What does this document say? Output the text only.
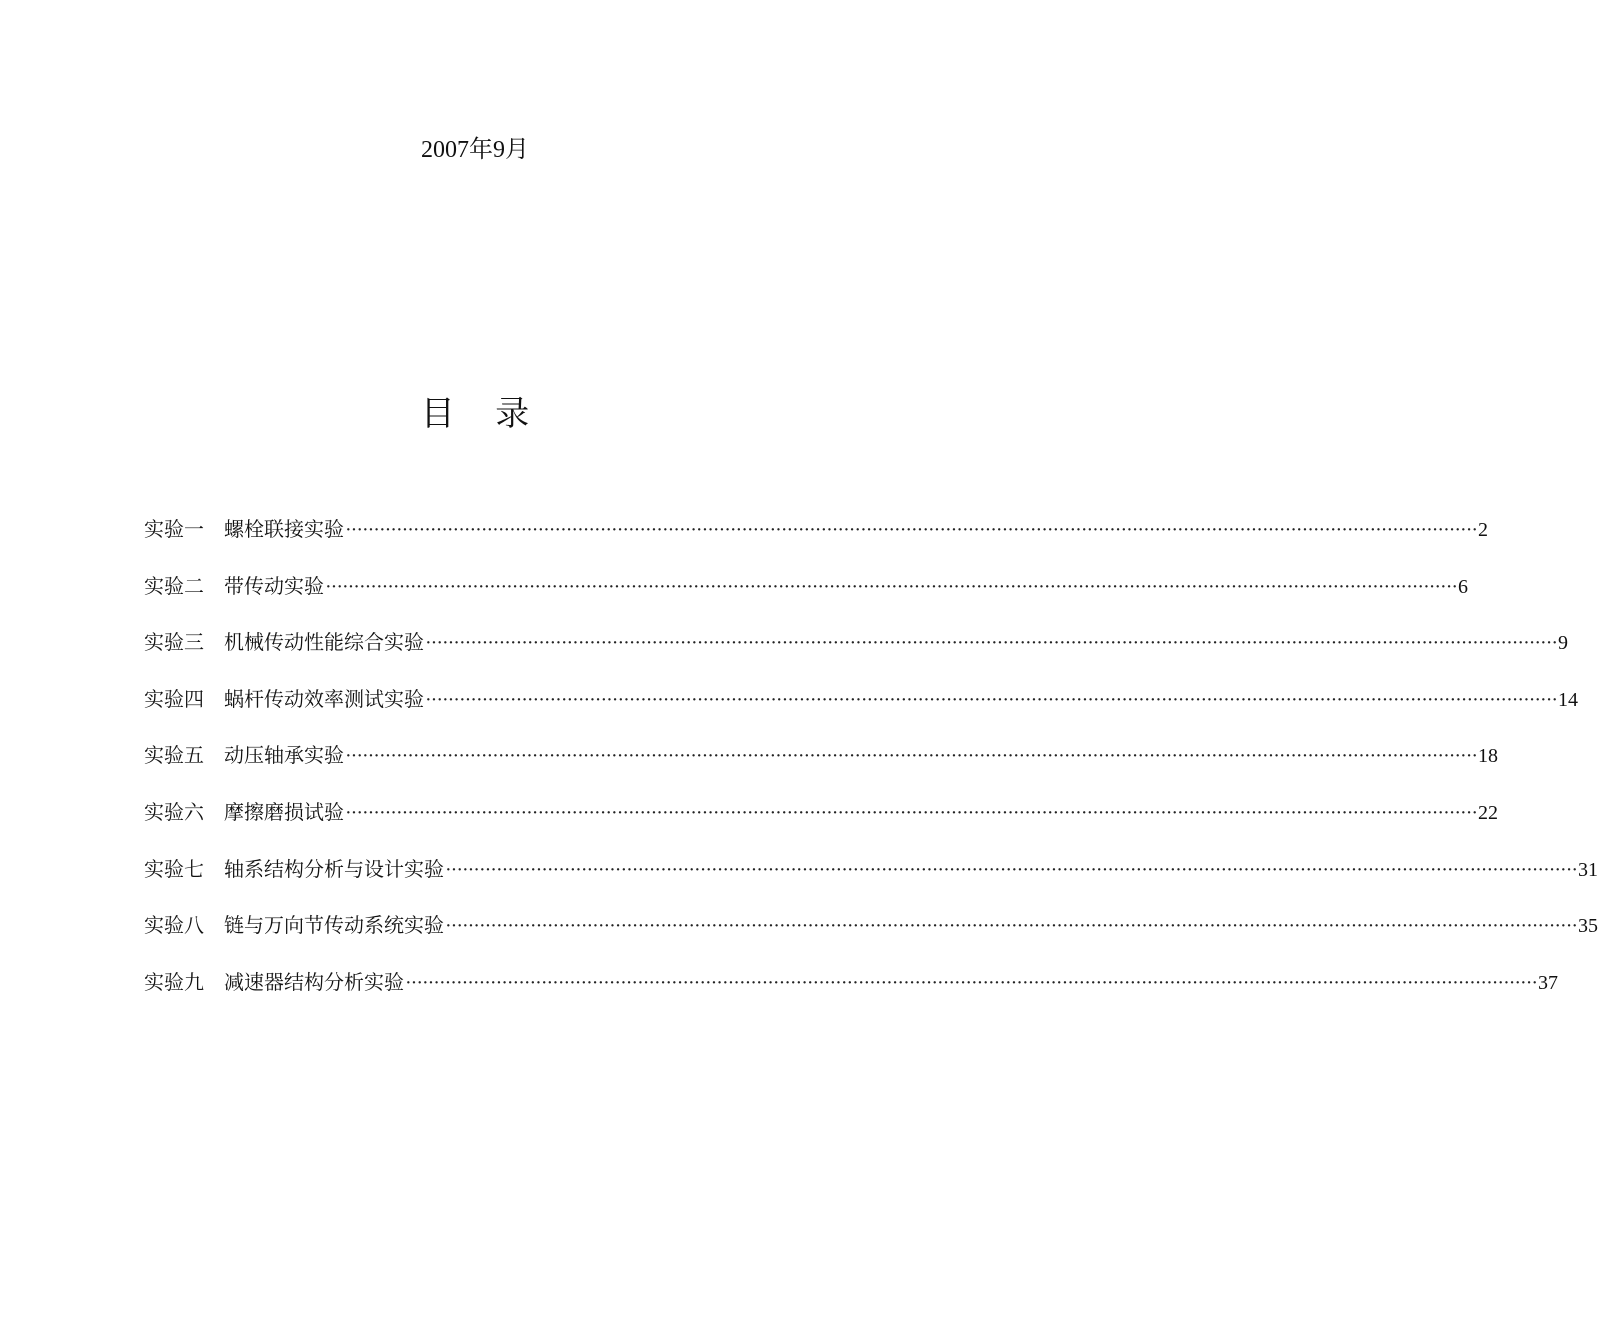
2007年9月
目 录
实验一	螺栓联接实验 ········································································································································································································ 2
实验二	带传动实验 ········································································································································································································ 6
实验三	机械传动性能综合实验 ········································································································································································································ 9
实验四	蜗杆传动效率测试实验 ········································································································································································································ 14
实验五	动压轴承实验 ········································································································································································································ 18
实验六	摩擦磨损试验 ········································································································································································································ 22
实验七	轴系结构分析与设计实验 ········································································································································································································ 31
实验八	链与万向节传动系统实验 ········································································································································································································ 35
实验九	减速器结构分析实验 ········································································································································································································ 37
